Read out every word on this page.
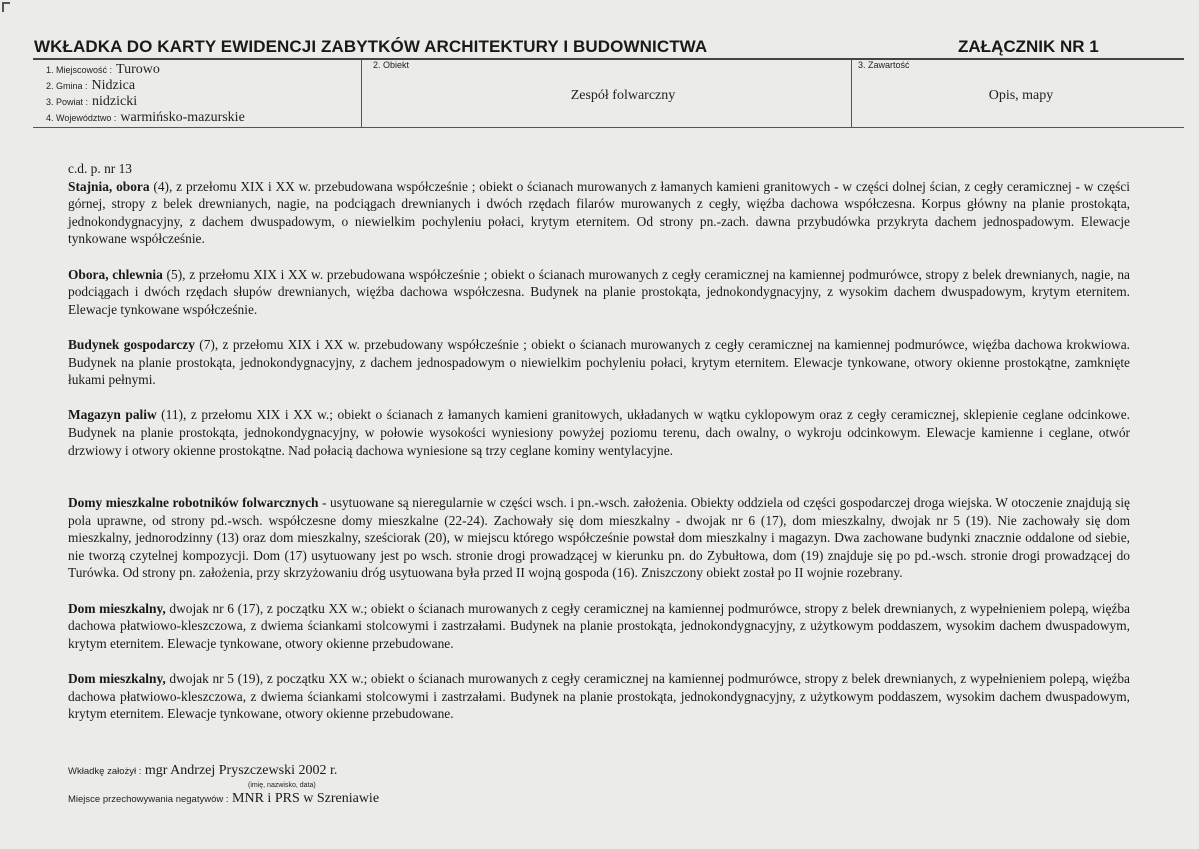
WKŁADKA DO KARTY EWIDENCJI ZABYTKÓW ARCHITEKTURY I BUDOWNICTWA	ZAŁĄCZNIK NR 1
1. Miejscowość : Turowo
2. Gmina : Nidzica
3. Powiat : nidzicki
4. Województwo : warmińsko-mazurskie
2. Obiekt
Zespół folwarczny
3. Zawartość
Opis, mapy

c.d. p. nr 13

Stajnia, obora (4), z przełomu XIX i XX w. przebudowana współcześnie ; obiekt o ścianach murowanych z łamanych kamieni granitowych - w części dolnej ścian, z cegły ceramicznej - w części górnej, stropy z belek drewnianych, nagie, na podciągach drewnianych i dwóch rzędach filarów murowanych z cegły, więźba dachowa współczesna. Korpus główny na planie prostokąta, jednokondygnacyjny, z dachem dwuspadowym, o niewielkim pochyleniu połaci, krytym eternitem. Od strony pn.-zach. dawna przybudówka przykryta dachem jednospadowym. Elewacje tynkowane współcześnie.

Obora, chlewnia (5), z przełomu XIX i XX w. przebudowana współcześnie ; obiekt o ścianach murowanych z cegły ceramicznej na kamiennej podmurówce, stropy z belek drewnianych, nagie, na podciągach i dwóch rzędach słupów drewnianych, więźba dachowa współczesna. Budynek na planie prostokąta, jednokondygnacyjny, z wysokim dachem dwuspadowym, krytym eternitem. Elewacje tynkowane współcześnie.

Budynek gospodarczy (7), z przełomu XIX i XX w. przebudowany współcześnie ; obiekt o ścianach murowanych z cegły ceramicznej na kamiennej podmurówce, więźba dachowa krokwiowa. Budynek na planie prostokąta, jednokondygnacyjny, z dachem jednospadowym o niewielkim pochyleniu połaci, krytym eternitem. Elewacje tynkowane, otwory okienne prostokątne, zamknięte łukami pełnymi.

Magazyn paliw (11), z przełomu XIX i XX w.; obiekt o ścianach z łamanych kamieni granitowych, układanych w wątku cyklopowym oraz z cegły ceramicznej, sklepienie ceglane odcinkowe. Budynek na planie prostokąta, jednokondygnacyjny, w połowie wysokości wyniesiony powyżej poziomu terenu, dach owalny, o wykroju odcinkowym. Elewacje kamienne i ceglane, otwór drzwiowy i otwory okienne prostokątne. Nad połacią dachowa wyniesione są trzy ceglane kominy wentylacyjne.

Domy mieszkalne robotników folwarcznych - usytuowane są nieregularnie w części wsch. i pn.-wsch. założenia. Obiekty oddziela od części gospodarczej droga wiejska. W otoczenie znajdują się pola uprawne, od strony pd.-wsch. współczesne domy mieszkalne (22-24). Zachowały się dom mieszkalny - dwojak nr 6 (17), dom mieszkalny, dwojak nr 5 (19). Nie zachowały się dom mieszkalny, jednorodzinny (13) oraz dom mieszkalny, sześciorak (20), w miejscu którego współcześnie powstał dom mieszkalny i magazyn. Dwa zachowane budynki znacznie oddalone od siebie, nie tworzą czytelnej kompozycji. Dom (17) usytuowany jest po wsch. stronie drogi prowadzącej w kierunku pn. do Zybułtowa, dom (19) znajduje się po pd.-wsch. stronie drogi prowadzącej do Turówka. Od strony pn. założenia, przy skrzyżowaniu dróg usytuowana była przed II wojną gospoda (16). Zniszczony obiekt został po II wojnie rozebrany.

Dom mieszkalny, dwojak nr 6 (17), z początku XX w.; obiekt o ścianach murowanych z cegły ceramicznej na kamiennej podmurówce, stropy z belek drewnianych, z wypełnieniem polepą, więźba dachowa płatwiowo-kleszczowa, z dwiema ściankami stolcowymi i zastrzałami. Budynek na planie prostokąta, jednokondygnacyjny, z użytkowym poddaszem, wysokim dachem dwuspadowym, krytym eternitem. Elewacje tynkowane, otwory okienne przebudowane.

Dom mieszkalny, dwojak nr 5 (19), z początku XX w.; obiekt o ścianach murowanych z cegły ceramicznej na kamiennej podmurówce, stropy z belek drewnianych, z wypełnieniem polepą, więźba dachowa płatwiowo-kleszczowa, z dwiema ściankami stolcowymi i zastrzałami. Budynek na planie prostokąta, jednokondygnacyjny, z użytkowym poddaszem, wysokim dachem dwuspadowym, krytym eternitem. Elewacje tynkowane, otwory okienne przebudowane.

Wkładkę założył : mgr Andrzej Pryszczewski 2002 r.
(imię, nazwisko, data)
Miejsce przechowywania negatywów : MNR i PRS w Szreniawie
